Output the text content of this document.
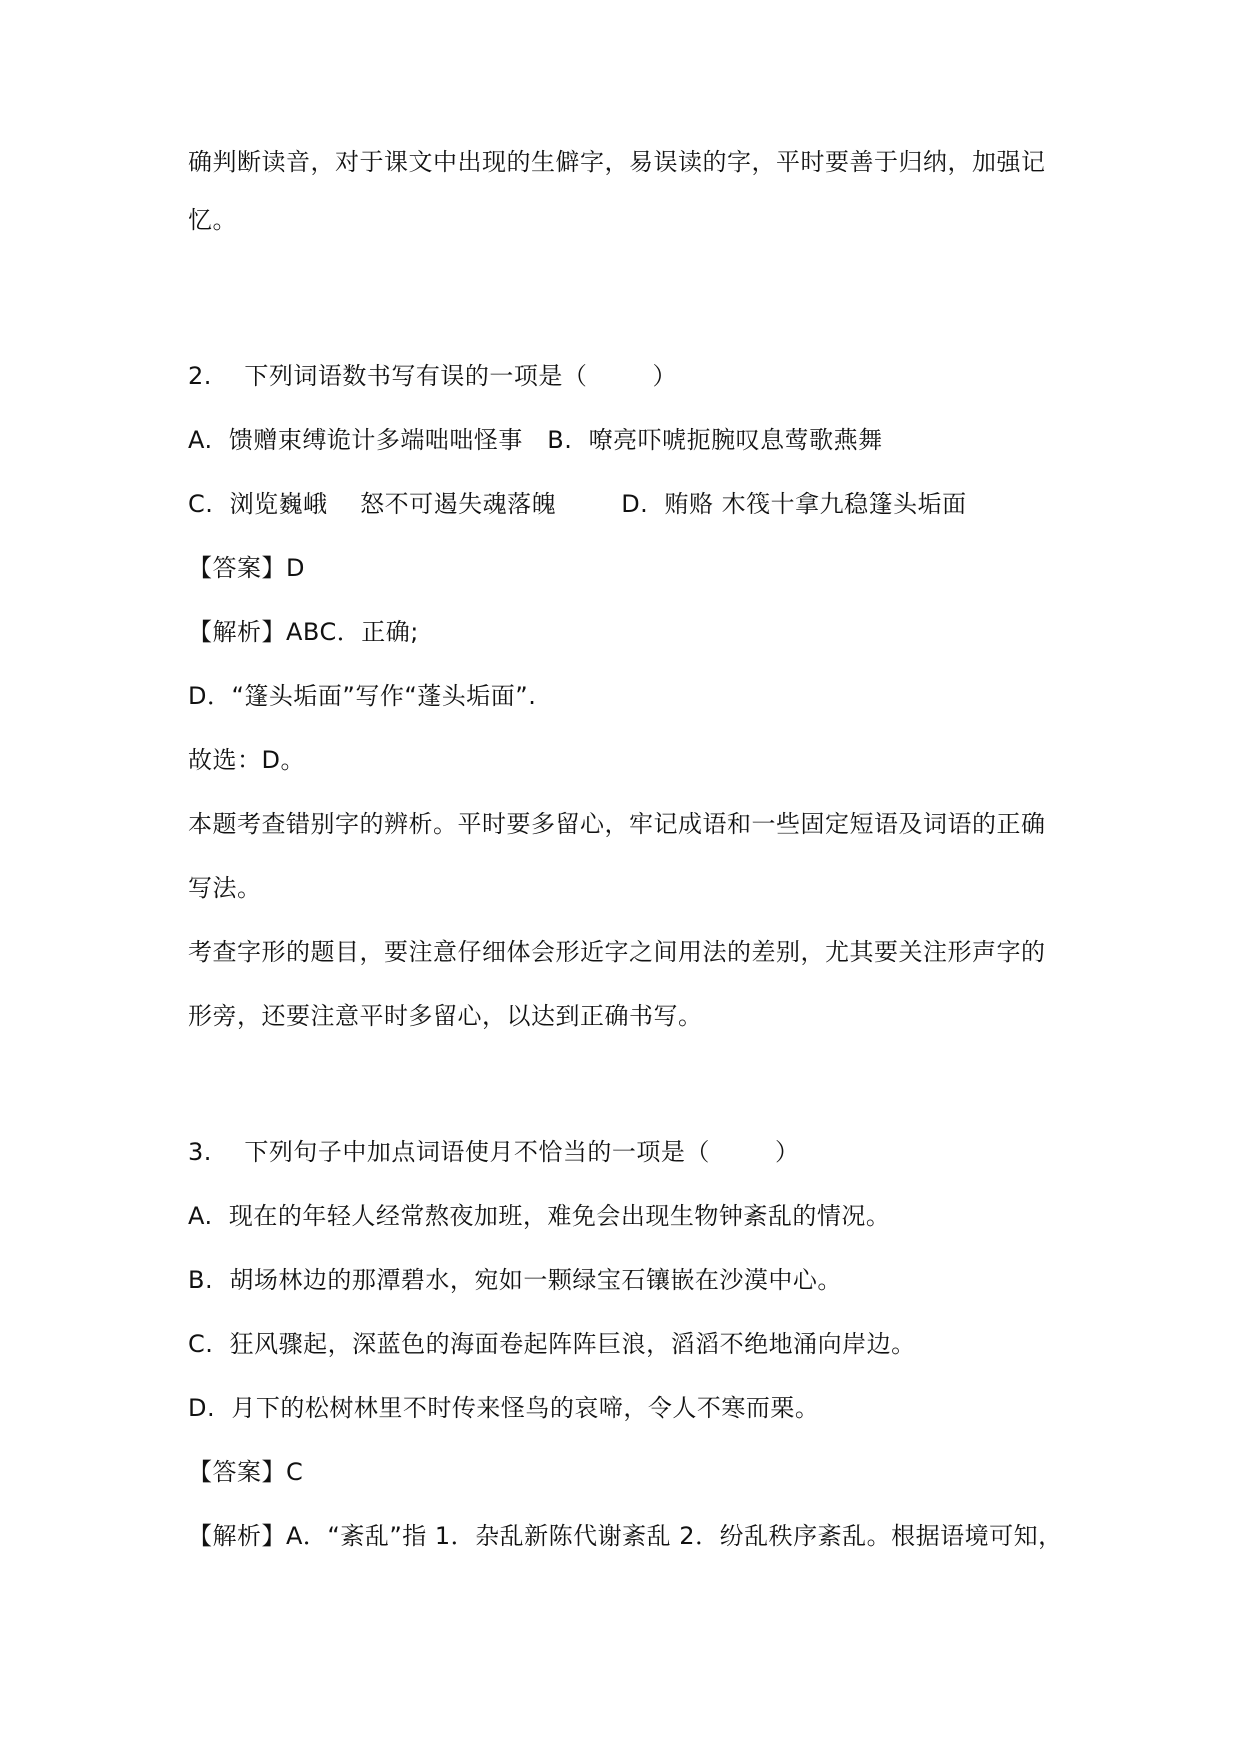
确判断读音，对于课文中出现的生僻字，易误读的字，平时要善于归纳，加强记
忆。
2.    下列词语数书写有误的一项是（        ）
A.  馈赠束缚诡计多端咄咄怪事   B.  嘹亮吓唬扼腕叹息莺歌燕舞
C.  浏览巍峨    怒不可遏失魂落魄        D.  贿赂 木筏十拿九稳篷头垢面
【答案】D
【解析】ABC．正确;
D．“篷头垢面”写作“蓬头垢面”.
故选：D。
本题考查错别字的辨析。平时要多留心，牢记成语和一些固定短语及词语的正确
写法。
考查字形的题目，要注意仔细体会形近字之间用法的差别，尤其要关注形声字的
形旁，还要注意平时多留心，以达到正确书写。
3.    下列句子中加点词语使月不恰当的一项是（        ）
A.  现在的年轻人经常熬夜加班，难免会出现生物钟紊乱的情况。
B.  胡场林边的那潭碧水，宛如一颗绿宝石镶嵌在沙漠中心。
C.  狂风骤起，深蓝色的海面卷起阵阵巨浪，滔滔不绝地涌向岸边。
D.  月下的松树林里不时传来怪鸟的哀啼，令人不寒而栗。
【答案】C
【解析】A．“紊乱”指 1．杂乱新陈代谢紊乱 2．纷乱秩序紊乱。根据语境可知，
